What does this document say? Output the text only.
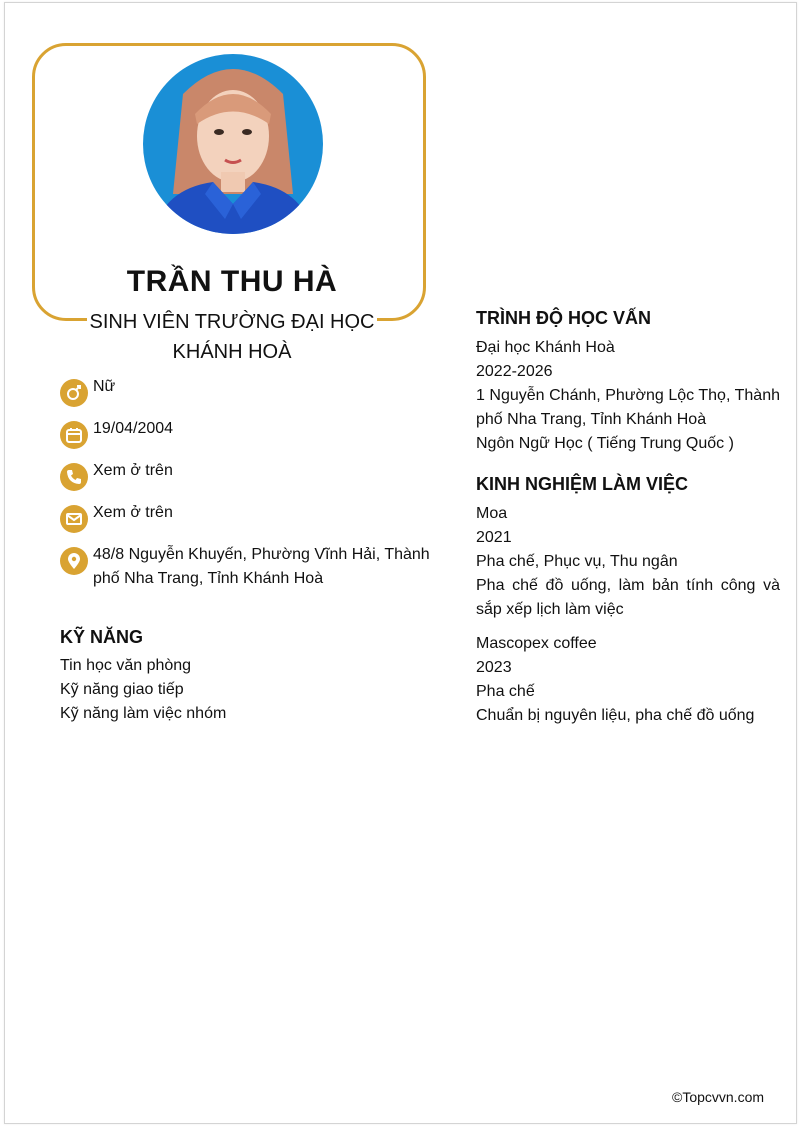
TRẦN THU HÀ
SINH VIÊN TRƯỜNG ĐẠI HỌC KHÁNH HOÀ
Nữ
19/04/2004
Xem ở trên
Xem ở trên
48/8 Nguyễn Khuyến, Phường Vĩnh Hải, Thành phố Nha Trang, Tỉnh Khánh Hoà
KỸ NĂNG
Tin học văn phòng
Kỹ năng giao tiếp
Kỹ năng làm việc nhóm
TRÌNH ĐỘ HỌC VẤN
Đại học Khánh Hoà
2022-2026
1 Nguyễn Chánh, Phường Lộc Thọ, Thành phố Nha Trang, Tỉnh Khánh Hoà
Ngôn Ngữ Học ( Tiếng Trung Quốc )
KINH NGHIỆM LÀM VIỆC
Moa
2021
Pha chế, Phục vụ, Thu ngân
Pha chế đồ uống, làm bản tính công và sắp xếp lịch làm việc
Mascopex coffee
2023
Pha chế
Chuẩn bị nguyên liệu, pha chế đồ uống
©Topcvvn.com
